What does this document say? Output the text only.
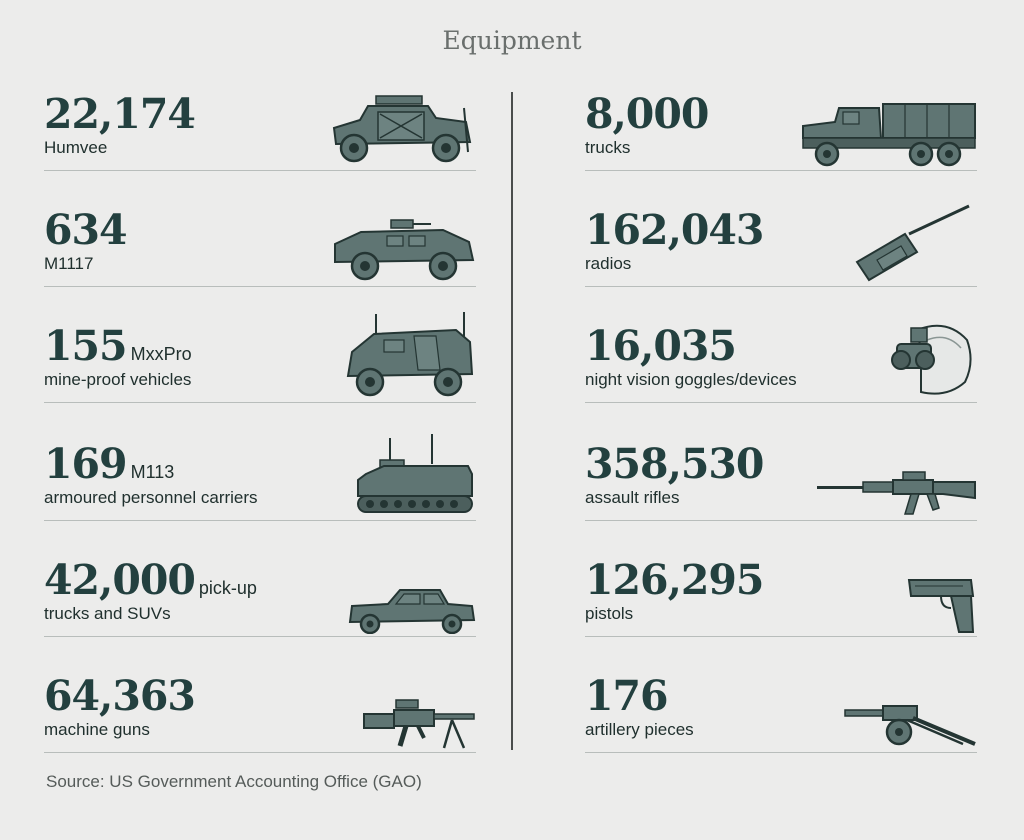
Equipment
22,174
Humvee
634
M1117
155 MxxPro
mine-proof vehicles
169 M113
armoured personnel carriers
42,000 pick-up
trucks and SUVs
64,363
machine guns
8,000
trucks
162,043
radios
16,035
night vision goggles/devices
358,530
assault rifles
126,295
pistols
176
artillery pieces
Source: US Government Accounting Office (GAO)
